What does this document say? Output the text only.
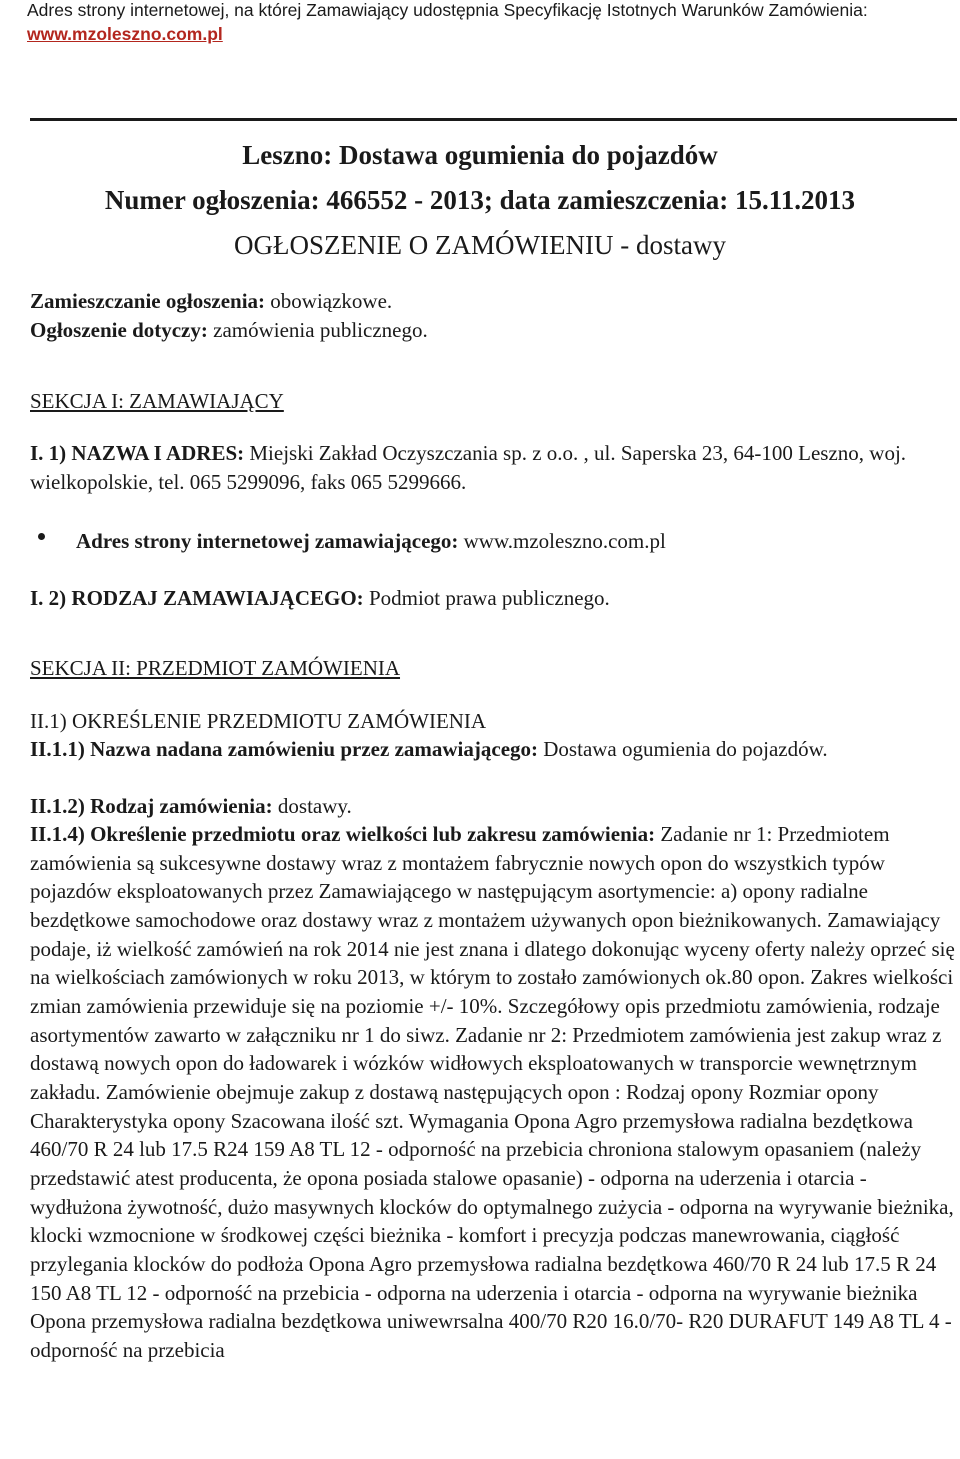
Adres strony internetowej, na której Zamawiający udostępnia Specyfikację Istotnych Warunków Zamówienia:
www.mzoleszno.com.pl
Leszno: Dostawa ogumienia do pojazdów
Numer ogłoszenia: 466552 - 2013; data zamieszczenia: 15.11.2013
OGŁOSZENIE O ZAMÓWIENIU - dostawy
Zamieszczanie ogłoszenia: obowiązkowe.
Ogłoszenie dotyczy: zamówienia publicznego.
SEKCJA I: ZAMAWIAJĄCY
I. 1) NAZWA I ADRES: Miejski Zakład Oczyszczania sp. z o.o. , ul. Saperska 23, 64-100 Leszno, woj. wielkopolskie, tel. 065 5299096, faks 065 5299666.
Adres strony internetowej zamawiającego: www.mzoleszno.com.pl
I. 2) RODZAJ ZAMAWIAJĄCEGO: Podmiot prawa publicznego.
SEKCJA II: PRZEDMIOT ZAMÓWIENIA
II.1) OKREŚLENIE PRZEDMIOTU ZAMÓWIENIA
II.1.1) Nazwa nadana zamówieniu przez zamawiającego: Dostawa ogumienia do pojazdów.
II.1.2) Rodzaj zamówienia: dostawy.
II.1.4) Określenie przedmiotu oraz wielkości lub zakresu zamówienia: Zadanie nr 1: Przedmiotem zamówienia są sukcesywne dostawy wraz z montażem fabrycznie nowych opon do wszystkich typów pojazdów eksploatowanych przez Zamawiającego w następującym asortymencie: a) opony radialne bezdętkowe samochodowe oraz dostawy wraz z montażem używanych opon bieżnikowanych. Zamawiający podaje, iż wielkość zamówień na rok 2014 nie jest znana i dlatego dokonując wyceny oferty należy oprzeć się na wielkościach zamówionych w roku 2013, w którym to zostało zamówionych ok.80 opon. Zakres wielkości zmian zamówienia przewiduje się na poziomie +/- 10%. Szczegółowy opis przedmiotu zamówienia, rodzaje asortymentów zawarto w załączniku nr 1 do siwz. Zadanie nr 2: Przedmiotem zamówienia jest zakup wraz z dostawą nowych opon do ładowarek i wózków widłowych eksploatowanych w transporcie wewnętrznym zakładu. Zamówienie obejmuje zakup z dostawą następujących opon : Rodzaj opony Rozmiar opony Charakterystyka opony Szacowana ilość szt. Wymagania Opona Agro przemysłowa radialna bezdętkowa 460/70 R 24 lub 17.5 R24 159 A8 TL 12 - odporność na przebicia chroniona stalowym opasaniem (należy przedstawić atest producenta, że opona posiada stalowe opasanie) - odporna na uderzenia i otarcia - wydłużona żywotność, dużo masywnych klocków do optymalnego zużycia - odporna na wyrywanie bieżnika, klocki wzmocnione w środkowej części bieżnika - komfort i precyzja podczas manewrowania, ciągłość przylegania klocków do podłoża Opona Agro przemysłowa radialna bezdętkowa 460/70 R 24 lub 17.5 R 24 150 A8 TL 12 - odporność na przebicia - odporna na uderzenia i otarcia - odporna na wyrywanie bieżnika Opona przemysłowa radialna bezdętkowa uniwewrsalna 400/70 R20 16.0/70- R20 DURAFUT 149 A8 TL 4 - odporność na przebicia
